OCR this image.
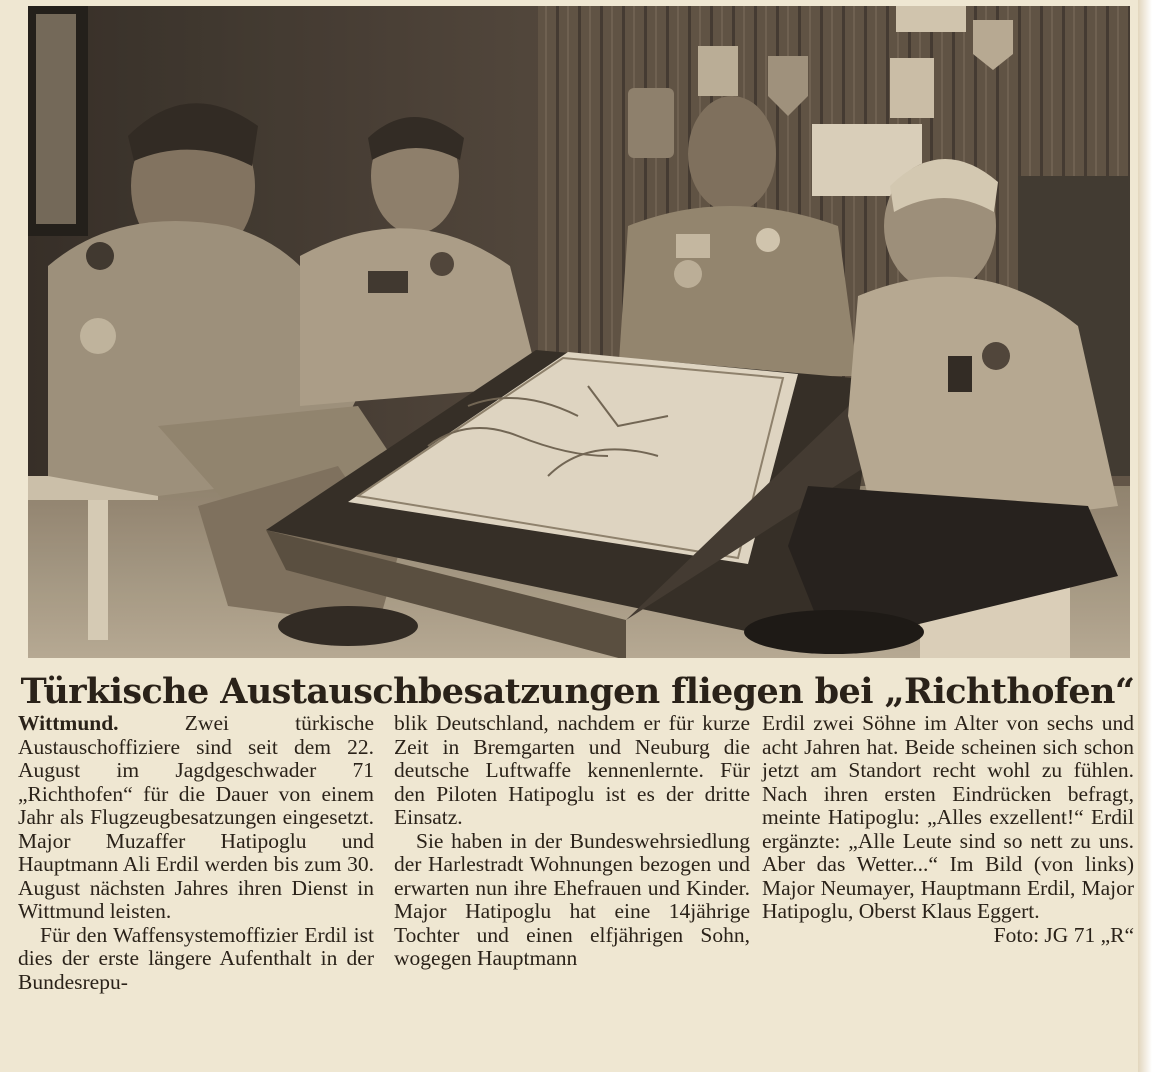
Türkische Austauschbesatzungen fliegen bei „Richthofen“

Wittmund.	Zwei türkische Austauschoffiziere sind seit dem 22. August im Jagdgeschwader 71 „Richthofen“ für die Dauer von einem Jahr als Flugzeugbesatzungen eingesetzt. Major Muzaffer Hatipoglu und Hauptmann Ali Erdil werden bis zum 30. August nächsten Jahres ihren Dienst in Wittmund leisten.

Für den Waffensystemoffizier Erdil ist dies der erste längere Aufenthalt in der Bundesrepu-

blik Deutschland, nachdem er für kurze Zeit in Bremgarten und Neuburg die deutsche Luftwaffe kennenlernte. Für den Piloten Hatipoglu ist es der dritte Einsatz.

Sie haben in der Bundeswehrsiedlung der Harlestradt Wohnungen bezogen und erwarten nun ihre Ehefrauen und Kinder. Major Hatipoglu hat eine 14jährige Tochter und einen elfjährigen Sohn, wogegen Hauptmann

Erdil zwei Söhne im Alter von sechs und acht Jahren hat. Beide scheinen sich schon jetzt am Standort recht wohl zu fühlen. Nach ihren ersten Eindrücken befragt, meinte Hatipoglu: „Alles exzellent!“ Erdil ergänzte: „Alle Leute sind so nett zu uns. Aber das Wetter...“ Im Bild (von links) Major Neumayer, Hauptmann Erdil, Major Hatipoglu, Oberst Klaus Eggert.

Foto: JG 71 „R“
